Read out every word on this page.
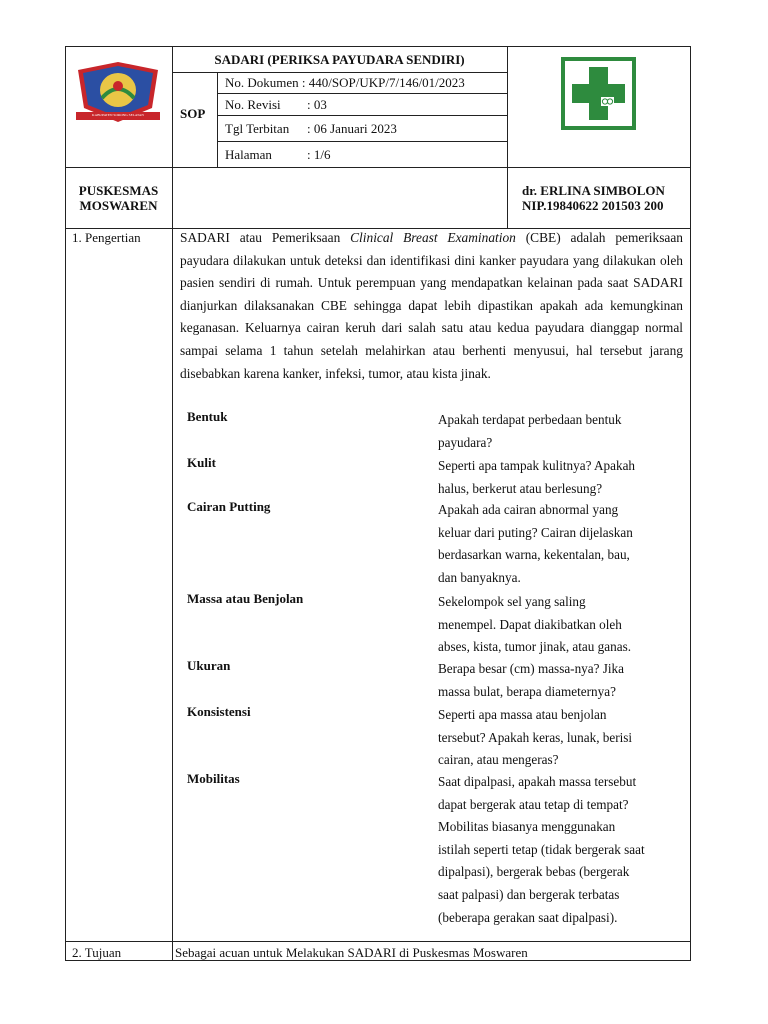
KABUPATEN SORONG SELATAN
SADARI (PERIKSA PAYUDARA SENDIRI)
SOP
No. Dokumen : 440/SOP/UKP/7/146/01/2023
No. Revisi : 03
Tgl Terbitan : 06 Januari 2023
Halaman	: 1/6
PUSKESMAS
MOSWAREN
dr. ERLINA SIMBOLON
NIP.19840622 201503 200
1. Pengertian	SADARI atau Pemeriksaan Clinical Breast Examination (CBE) adalah pemeriksaan payudara dilakukan untuk deteksi dan identifikasi dini kanker payudara yang dilakukan oleh pasien sendiri di rumah. Untuk perempuan yang mendapatkan kelainan pada saat SADARI dianjurkan dilaksanakan CBE sehingga dapat lebih dipastikan apakah ada kemungkinan keganasan. Keluarnya cairan keruh dari salah satu atau kedua payudara dianggap normal sampai selama 1 tahun setelah melahirkan atau berhenti menyusui, hal tersebut jarang disebabkan karena kanker, infeksi, tumor, atau kista jinak.
Bentuk	Apakah terdapat perbedaan bentuk
payudara?
Kulit	Seperti apa tampak kulitnya? Apakah
halus, berkerut atau berlesung?
Cairan Putting	Apakah ada cairan abnormal yang
keluar dari puting? Cairan dijelaskan
berdasarkan warna, kekentalan, bau,
dan banyaknya.
Massa atau Benjolan	Sekelompok sel yang saling
menempel. Dapat diakibatkan oleh
abses, kista, tumor jinak, atau ganas.
Ukuran	Berapa besar (cm) massa-nya? Jika
massa bulat, berapa diameternya?
Konsistensi	Seperti apa massa atau benjolan
tersebut? Apakah keras, lunak, berisi
cairan, atau mengeras?
Mobilitas	Saat dipalpasi, apakah massa tersebut
dapat bergerak atau tetap di tempat?
Mobilitas biasanya menggunakan
istilah seperti tetap (tidak bergerak saat
dipalpasi), bergerak bebas (bergerak
saat palpasi) dan bergerak terbatas
(beberapa gerakan saat dipalpasi).
2. Tujuan	Sebagai acuan untuk Melakukan SADARI di Puskesmas Moswaren
